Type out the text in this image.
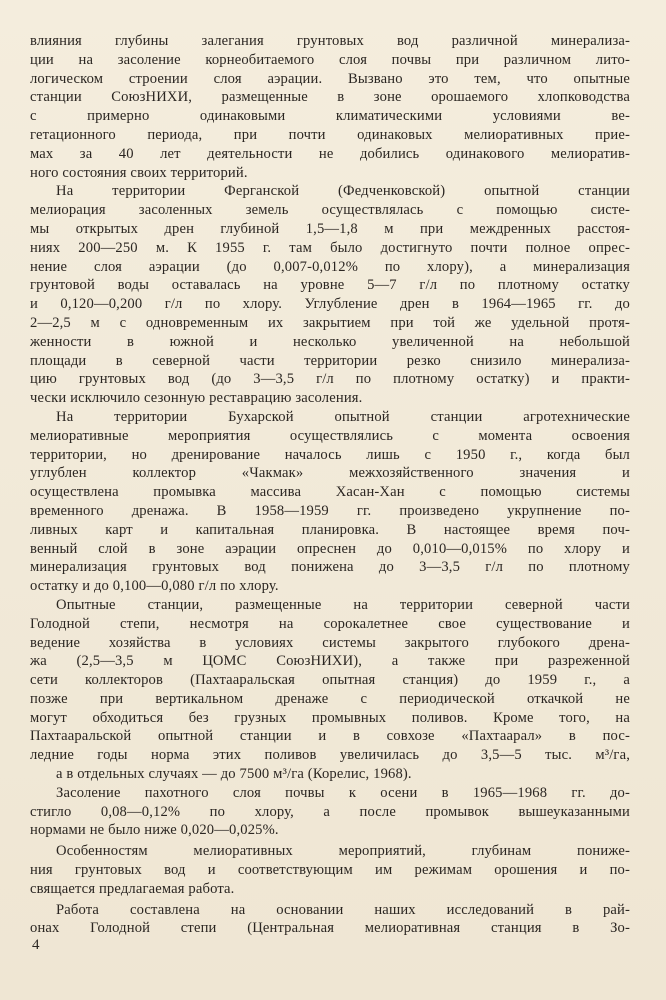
влияния глубины залегания грунтовых вод различной минерализа-
ции на засоление корнеобитаемого слоя почвы при различном лито-
логическом строении слоя аэрации. Вызвано это тем, что опытные
станции СоюзНИХИ, размещенные в зоне орошаемого хлопководства
с примерно одинаковыми климатическими условиями ве-
гетационного периода, при почти одинаковых мелиоративных прие-
мах за 40 лет деятельности не добились одинакового мелиоратив-
ного состояния своих территорий.
На территории Ферганской (Федченковской) опытной станции
мелиорация засоленных земель осуществлялась с помощью систе-
мы открытых дрен глубиной 1,5—1,8 м при междренных расстоя-
ниях 200—250 м. К 1955 г. там было достигнуто почти полное опрес-
нение слоя аэрации (до 0,007-0,012% по хлору), а минерализация
грунтовой воды оставалась на уровне 5—7 г/л по плотному остатку
и 0,120—0,200 г/л по хлору. Углубление дрен в 1964—1965 гг. до
2—2,5 м с одновременным их закрытием при той же удельной протя-
женности в южной и несколько увеличенной на небольшой
площади в северной части территории резко снизило минерализа-
цию грунтовых вод (до 3—3,5 г/л по плотному остатку) и практи-
чески исключило сезонную реставрацию засоления.
На территории Бухарской опытной станции агротехнические
мелиоративные мероприятия осуществлялись с момента освоения
территории, но дренирование началось лишь с 1950 г., когда был
углублен коллектор «Чакмак» межхозяйственного значения и
осуществлена промывка массива Хасан-Хан с помощью системы
временного дренажа. В 1958—1959 гг. произведено укрупнение по-
ливных карт и капитальная планировка. В настоящее время поч-
венный слой в зоне аэрации опреснен до 0,010—0,015% по хлору и
минерализация грунтовых вод понижена до 3—3,5 г/л по плотному
остатку и до 0,100—0,080 г/л по хлору.
Опытные станции, размещенные на территории северной части
Голодной степи, несмотря на сорокалетнее свое существование и
ведение хозяйства в условиях системы закрытого глубокого дрена-
жа (2,5—3,5 м ЦОМС СоюзНИХИ), а также при разреженной
сети коллекторов (Пахтааральская опытная станция) до 1959 г., а
позже при вертикальном дренаже с периодической откачкой не
могут обходиться без грузных промывных поливов. Кроме того, на
Пахтааральской опытной станции и в совхозе «Пахтаарал» в пос-
ледние годы норма этих поливов увеличилась до 3,5—5 тыс. м³/га,
а в отдельных случаях — до 7500 м³/га (Корелис, 1968).
Засоление пахотного слоя почвы к осени в 1965—1968 гг. до-
стигло 0,08—0,12% по хлору, а после промывок вышеуказанными
нормами не было ниже 0,020—0,025%.
Особенностям мелиоративных мероприятий, глубинам пониже-
ния грунтовых вод и соответствующим им режимам орошения и по-
свящается предлагаемая работа.
Работа составлена на основании наших исследований в рай-
онах Голодной степи (Центральная мелиоративная станция в Зо-
4
